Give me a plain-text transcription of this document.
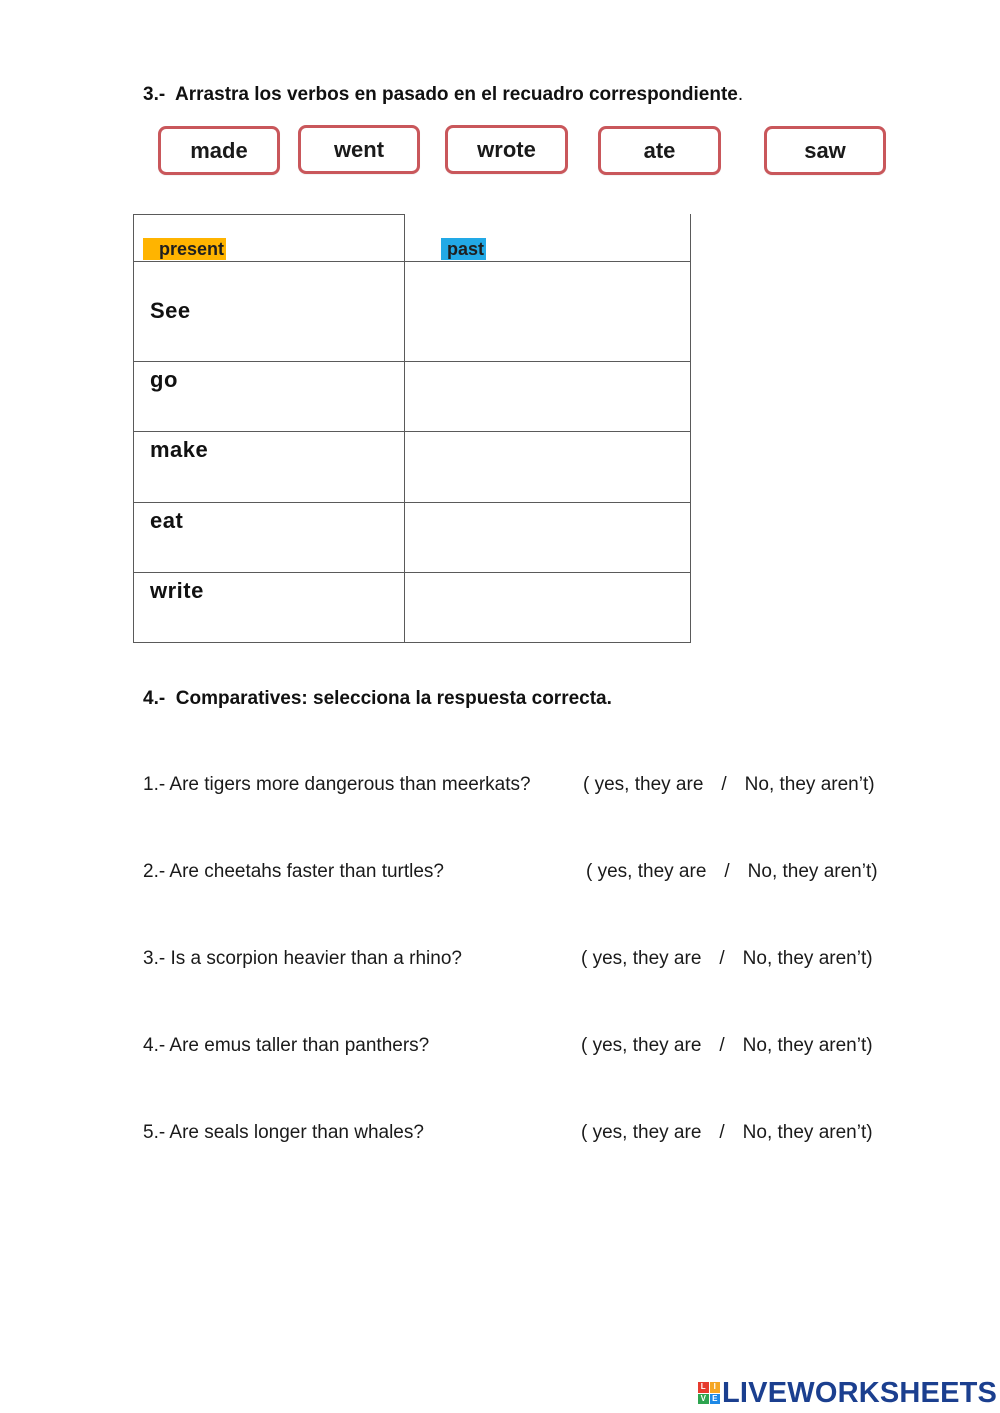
3.- Arrastra los verbos en pasado en el recuadro correspondiente.
made	went	wrote	ate	saw
present	past
See
go
make
eat
write
4.- Comparatives: selecciona la respuesta correcta.
1.- Are tigers more dangerous than meerkats?	( yes, they are / No, they aren’t)
2.- Are cheetahs faster than turtles?	( yes, they are / No, they aren’t)
3.- Is a scorpion heavier than a rhino?	( yes, they are / No, they aren’t)
4.- Are emus taller than panthers?	( yes, they are / No, they aren’t)
5.- Are seals longer than whales?	( yes, they are / No, they aren’t)
L I
V E LIVEWORKSHEETS
